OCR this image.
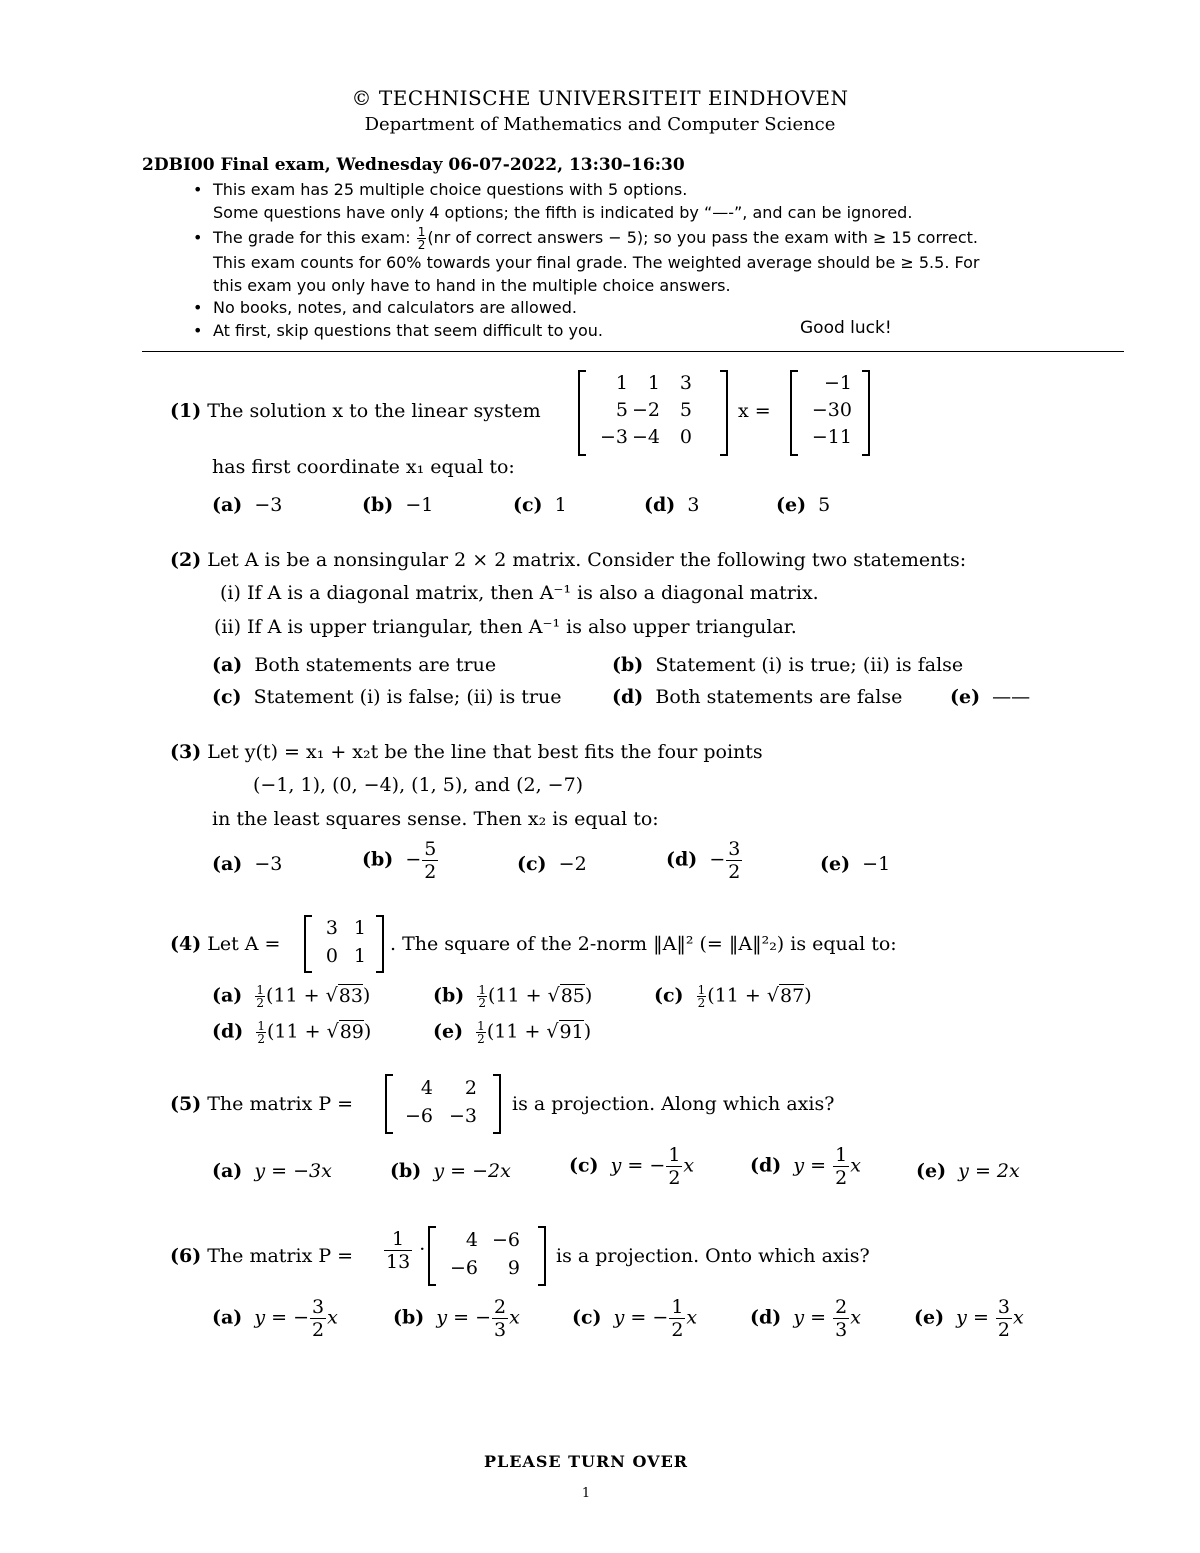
© TECHNISCHE UNIVERSITEIT EINDHOVEN
Department of Mathematics and Computer Science
2DBI00 Final exam, Wednesday 06-07-2022, 13:30–16:30
• This exam has 25 multiple choice questions with 5 options.
Some questions have only 4 options; the fifth is indicated by “—-”, and can be ignored.
• The grade for this exam: $\frac{1}{2} (nr$ of correct answers − 5); so you pass the exam with ≥ 15 correct.
This exam counts for 60% towards your final grade. The weighted average should be ≥ 5.5. For
this exam you only have to hand in the multiple choice answers.
• No books, notes, and calculators are allowed.
• At first, skip questions that seem difficult to you.	Good luck!
(1) The solution x to the linear system
1	1	3
5 −2	5
−3 −4	0
x =
−1
−30
−11
has first coordinate x₁ equal to:
(a) −3	(b) −1	(c) 1	(d) 3	(e) 5
(2) Let A is be a nonsingular 2 × 2 matrix. Consider the following two statements:
(i) If A is a diagonal matrix, then A⁻¹ is also a diagonal matrix.
(ii) If A is upper triangular, then A⁻¹ is also upper triangular.
(a) Both statements are true	(b) Statement (i) is true; (ii) is false
(c) Statement (i) is false; (ii) is true	(d) Both statements are false	(e) ——
(3) Let y(t) = x₁ + x₂t be the line that best fits the four points
(−1, 1), (0, −4), (1, 5), and (2, −7)
in the least squares sense. Then x₂ is equal to:
(a) −3	$(b) - \frac{5}{2}$	(c) −2	$(d) - \frac{3}{2}$	(e) −1
(4) Let A =
3 1
0 1
. The square of the 2-norm ‖A‖² (= ‖A‖²₂) is equal to:
$(a) \frac{1}{2} (11 + √83)$	$(b) \frac{1}{2} (11 + √85)$	$(c) \frac{1}{2} (11 + √87)$
$(d) \frac{1}{2} (11 + √89)$	$(e) \frac{1}{2} (11 + √91)$
(5) The matrix P =
4	2
−6 −3
is a projection. Along which axis?
(a) y = −3x	(b) y = −2x	(c) y = − $\frac{1}{2}$ x	(d) $y = \frac{1}{2}$ x	(e) y = 2x
(6) The matrix $P = \frac{1}{13}$ ·	4 −6
−6	9
is a projection. Onto which axis?
(a) y = − $\frac{3}{2}$ x	(b) y = − $\frac{2}{3}$ x	(c) y = − $\frac{1}{2}$ x	(d) $y = \frac{2}{3}$ x	(e) $y = \frac{3}{2}$ x
PLEASE TURN OVER
1
